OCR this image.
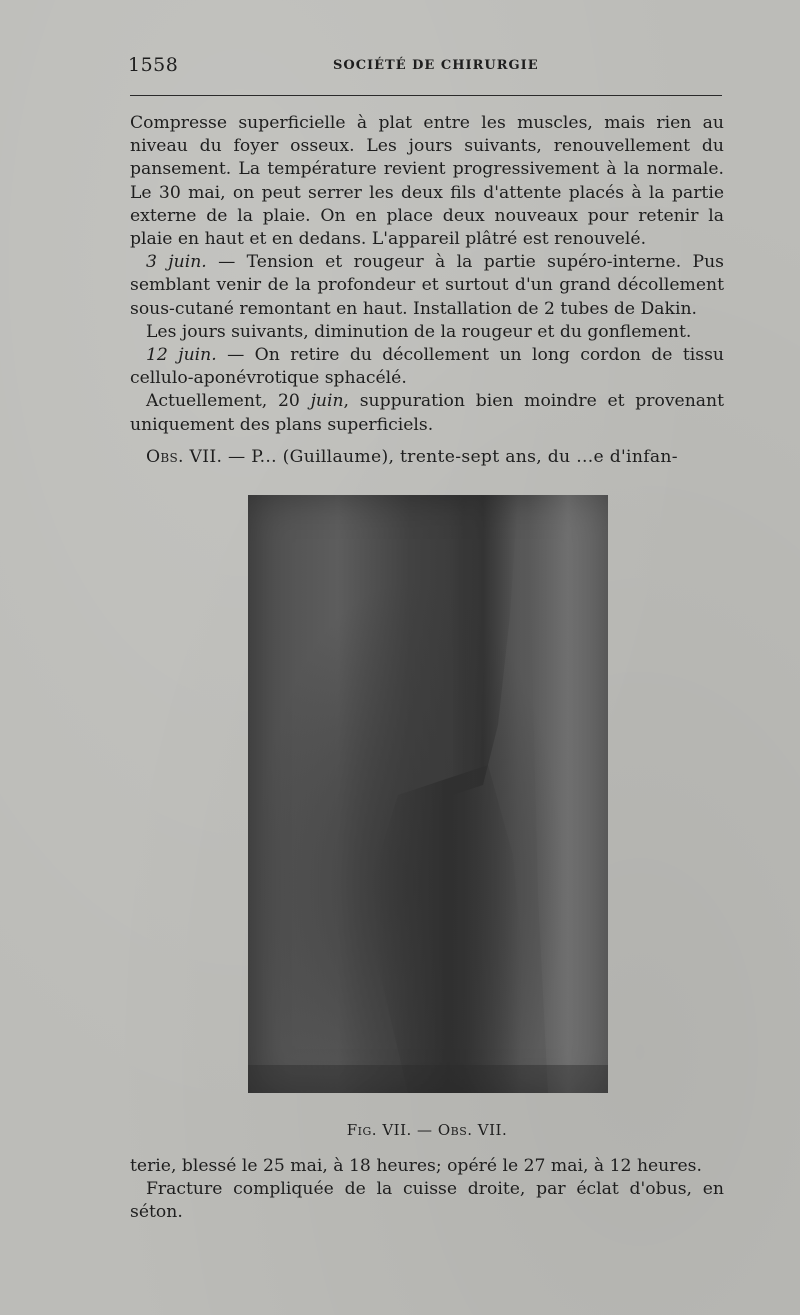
1558	SOCIÉTÉ DE CHIRURGIE

Compresse superficielle à plat entre les muscles, mais rien au niveau du foyer osseux. Les jours suivants, renouvellement du pansement. La température revient progressivement à la normale. Le 30 mai, on peut serrer les deux fils d'attente placés à la partie externe de la plaie. On en place deux nouveaux pour retenir la plaie en haut et en dedans. L'appareil plâtré est renouvelé.

3 juin. — Tension et rougeur à la partie supéro-interne. Pus semblant venir de la profondeur et surtout d'un grand décollement sous-cutané remontant en haut. Installation de 2 tubes de Dakin.

Les jours suivants, diminution de la rougeur et du gonflement.

12 juin. — On retire du décollement un long cordon de tissu cellulo-aponévrotique sphacélé.

Actuellement, 20 juin, suppuration bien moindre et provenant uniquement des plans superficiels.

Obs. VII. — P... (Guillaume), trente-sept ans, du ...e d'infan-
Fig. VII. — Obs. VII.

terie, blessé le 25 mai, à 18 heures; opéré le 27 mai, à 12 heures.

Fracture compliquée de la cuisse droite, par éclat d'obus, en séton.
